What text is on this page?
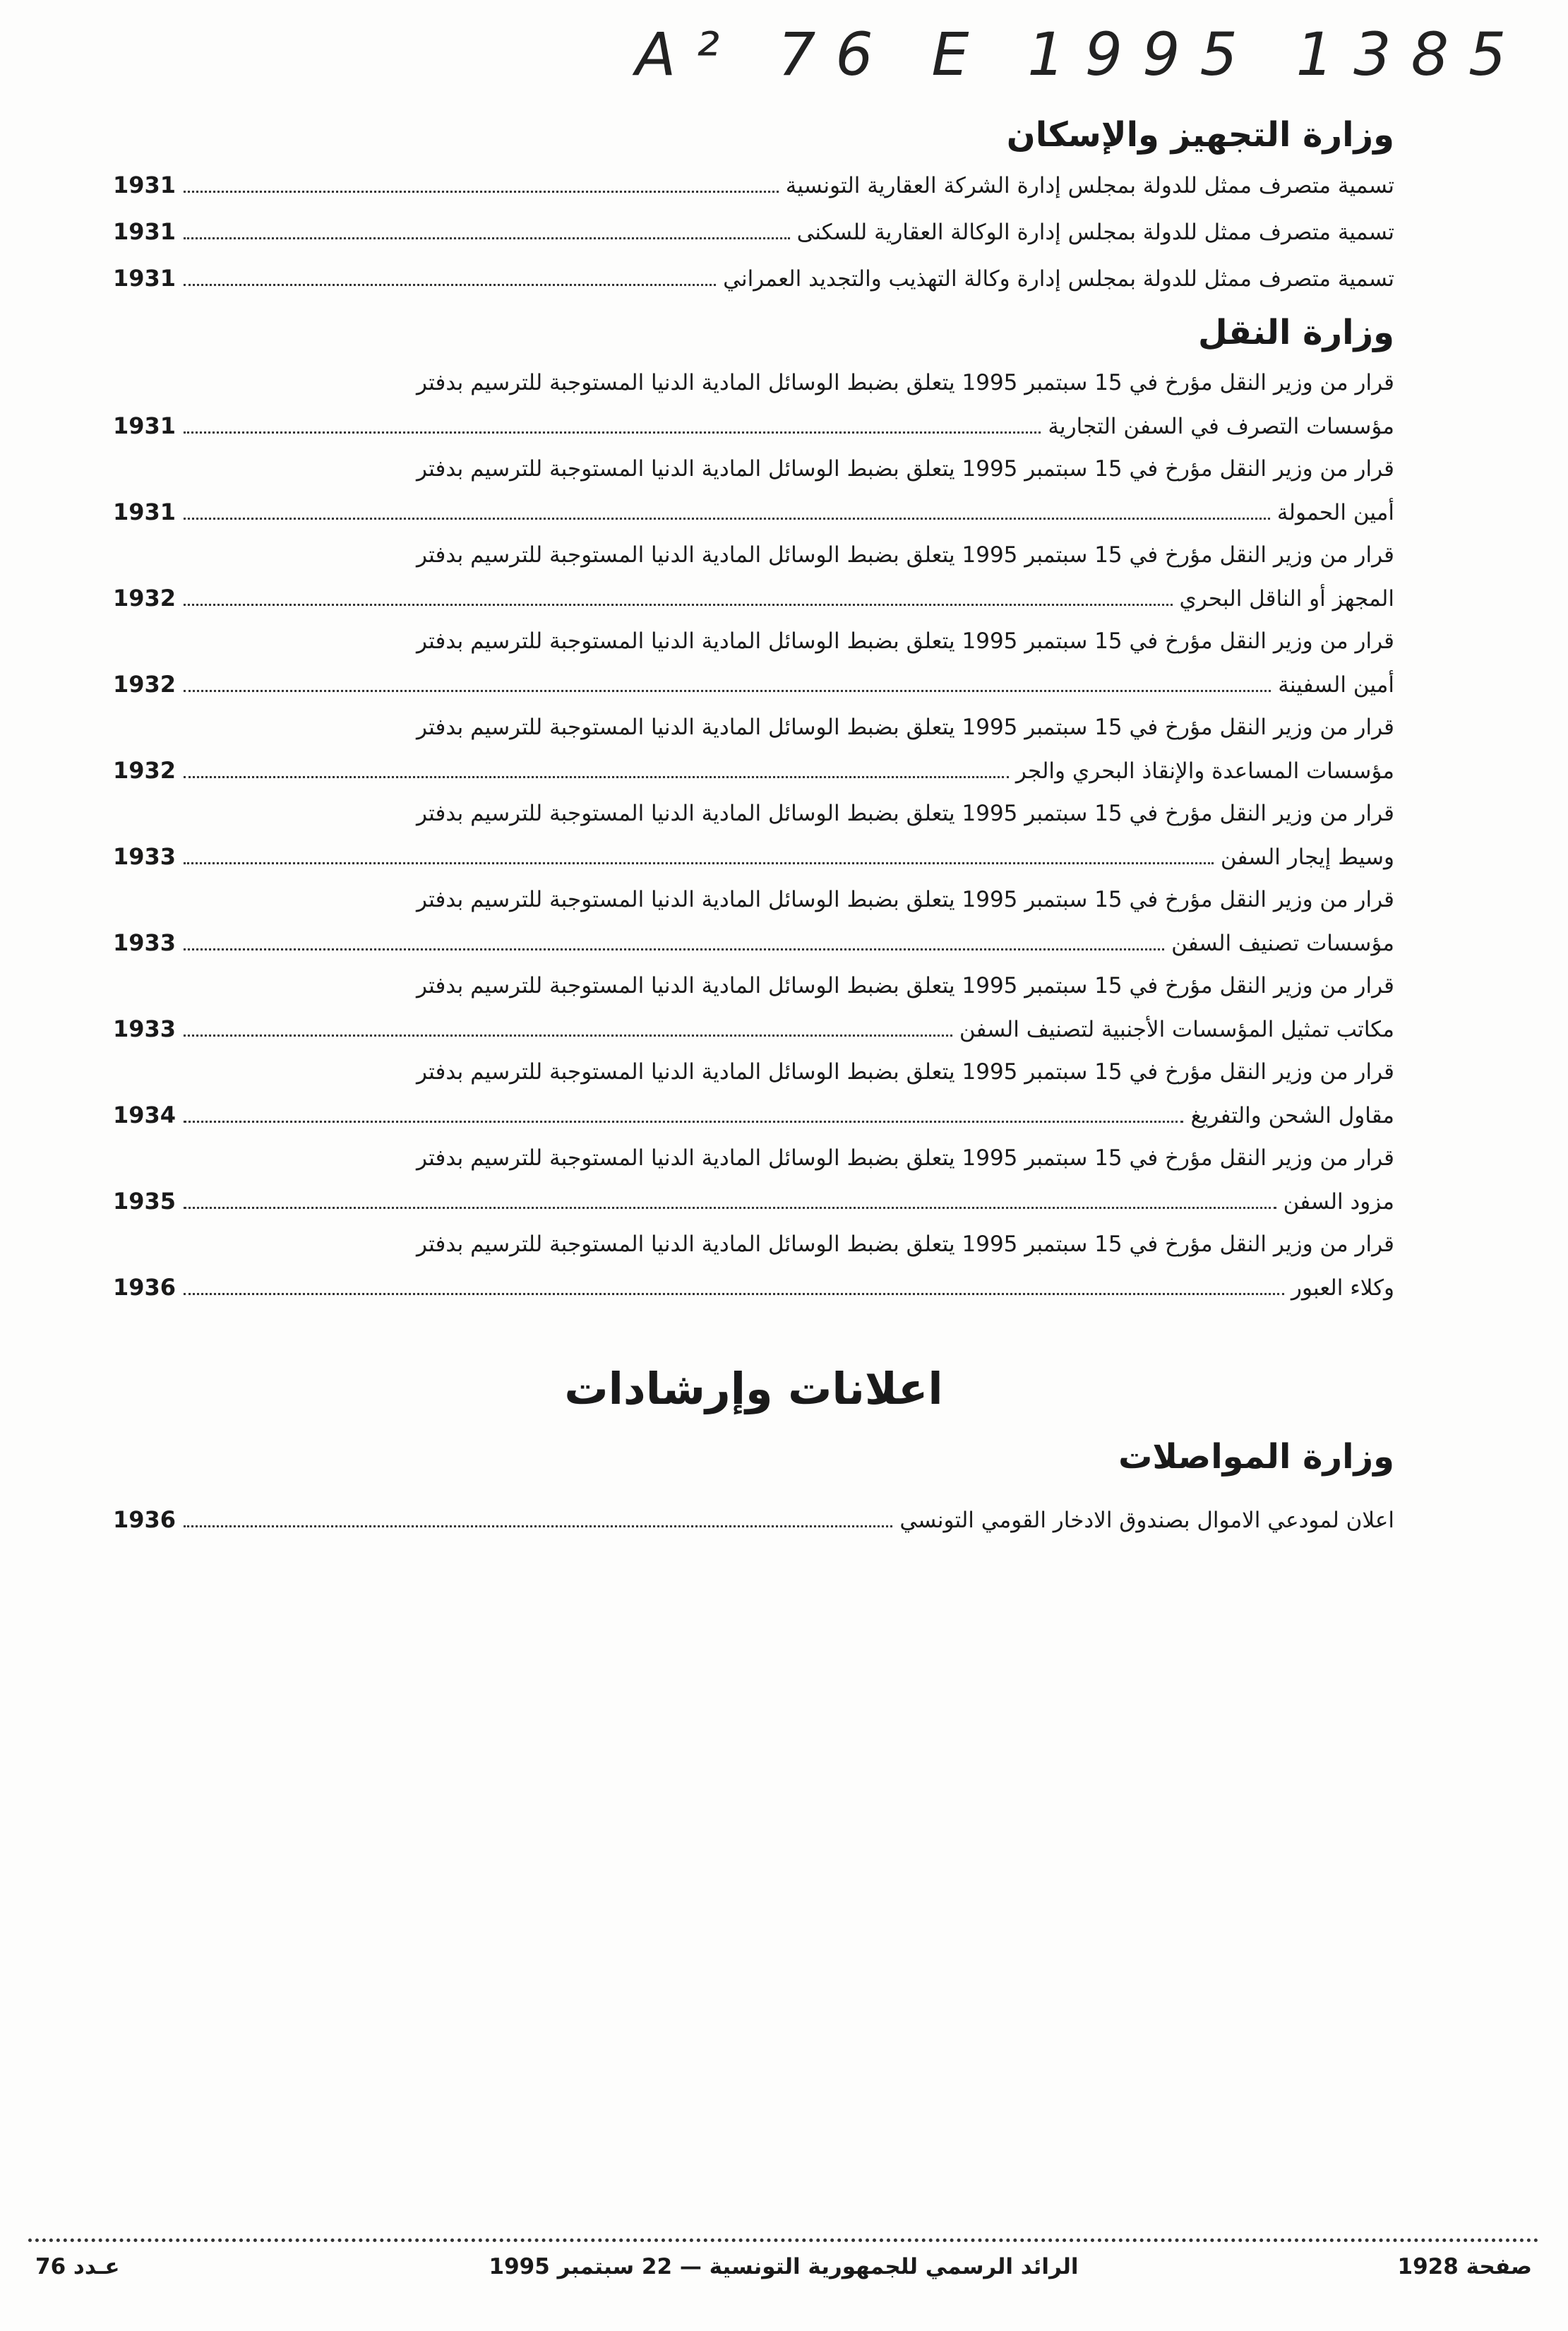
A² 76 E 1995 1385
وزارة التجهيز والإسكان
تسمية متصرف ممثل للدولة بمجلس إدارة الشركة العقارية التونسية
1931
تسمية متصرف ممثل للدولة بمجلس إدارة الوكالة العقارية للسكنى
1931
تسمية متصرف ممثل للدولة بمجلس إدارة وكالة التهذيب والتجديد العمراني
1931
وزارة النقل
قرار من وزير النقل مؤرخ في 15 سبتمبر 1995 يتعلق بضبط الوسائل المادية الدنيا المستوجبة للترسيم بدفتر
مؤسسات التصرف في السفن التجارية
1931
قرار من وزير النقل مؤرخ في 15 سبتمبر 1995 يتعلق بضبط الوسائل المادية الدنيا المستوجبة للترسيم بدفتر
أمين الحمولة
1931
قرار من وزير النقل مؤرخ في 15 سبتمبر 1995 يتعلق بضبط الوسائل المادية الدنيا المستوجبة للترسيم بدفتر
المجهز أو الناقل البحري
1932
قرار من وزير النقل مؤرخ في 15 سبتمبر 1995 يتعلق بضبط الوسائل المادية الدنيا المستوجبة للترسيم بدفتر
أمين السفينة
1932
قرار من وزير النقل مؤرخ في 15 سبتمبر 1995 يتعلق بضبط الوسائل المادية الدنيا المستوجبة للترسيم بدفتر
مؤسسات المساعدة والإنقاذ البحري والجر
1932
قرار من وزير النقل مؤرخ في 15 سبتمبر 1995 يتعلق بضبط الوسائل المادية الدنيا المستوجبة للترسيم بدفتر
وسيط إيجار السفن
1933
قرار من وزير النقل مؤرخ في 15 سبتمبر 1995 يتعلق بضبط الوسائل المادية الدنيا المستوجبة للترسيم بدفتر
مؤسسات تصنيف السفن
1933
قرار من وزير النقل مؤرخ في 15 سبتمبر 1995 يتعلق بضبط الوسائل المادية الدنيا المستوجبة للترسيم بدفتر
مكاتب تمثيل المؤسسات الأجنبية لتصنيف السفن
1933
قرار من وزير النقل مؤرخ في 15 سبتمبر 1995 يتعلق بضبط الوسائل المادية الدنيا المستوجبة للترسيم بدفتر
مقاول الشحن والتفريغ
1934
قرار من وزير النقل مؤرخ في 15 سبتمبر 1995 يتعلق بضبط الوسائل المادية الدنيا المستوجبة للترسيم بدفتر
مزود السفن
1935
قرار من وزير النقل مؤرخ في 15 سبتمبر 1995 يتعلق بضبط الوسائل المادية الدنيا المستوجبة للترسيم بدفتر
وكلاء العبور
1936
اعلانات وإرشادات
وزارة المواصلات
اعلان لمودعي الاموال بصندوق الادخار القومي التونسي
1936
صفحة 1928
الرائد الرسمي للجمهورية التونسية — 22 سبتمبر 1995
عـدد 76
